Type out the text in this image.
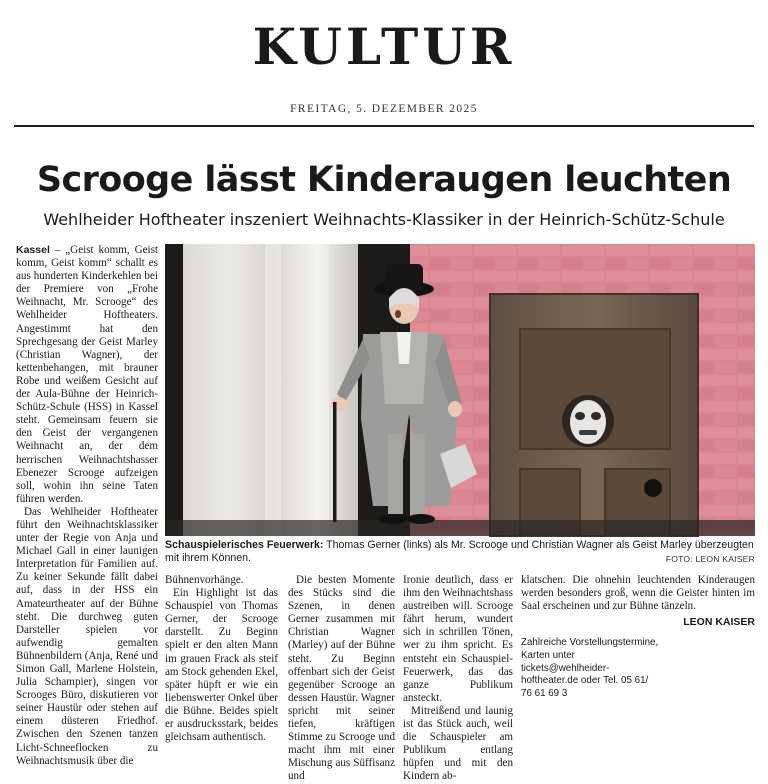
KULTUR
FREITAG, 5. DEZEMBER 2025
Scrooge lässt Kinderaugen leuchten
Wehlheider Hoftheater inszeniert Weihnachts-Klassiker in der Heinrich-Schütz-Schule

Kassel – „Geist komm, Geist komm, Geist komm“ schallt es aus hunderten Kinderkehlen bei der Premiere von „Frohe Weihnacht, Mr. Scrooge“ des Wehlheider Hoftheaters. Angestimmt hat den Sprechgesang der Geist Marley (Christian Wagner), der kettenbehangen, mit brauner Robe und weißem Gesicht auf der Aula-Bühne der Heinrich-Schütz-Schule (HSS) in Kassel steht. Gemeinsam feuern sie den Geist der vergangenen Weihnacht an, der dem herrischen Weihnachtshasser Ebenezer Scrooge aufzeigen soll, wohin ihn seine Taten führen werden.

Das Wehlheider Hoftheater führt den Weihnachtsklassiker unter der Regie von Anja und Michael Gall in einer launigen Interpretation für Familien auf. Zu keiner Sekunde fällt dabei auf, dass in der HSS ein Amateurtheater auf der Bühne steht. Die durchweg guten Darsteller spielen vor aufwendig gemalten Bühnenbildern (Anja, René und Simon Gall, Marlene Holstein, Julia Schampier), singen vor Scrooges Büro, diskutieren vor seiner Haustür oder stehen auf einem düsteren Friedhof. Zwischen den Szenen tanzen Licht-Schneeflocken zu Weihnachtsmusik über die

Schauspielerisches Feuerwerk: Thomas Gerner (links) als Mr. Scrooge und Christian Wagner als Geist Marley überzeugten mit ihrem Können.	FOTO: LEON KAISER

Bühnenvorhänge.

Ein Highlight ist das Schauspiel von Thomas Gerner, der Scrooge darstellt. Zu Beginn spielt er den alten Mann im grauen Frack als steif am Stock gehenden Ekel, später hüpft er wie ein liebenswerter Onkel über die Bühne. Beides spielt er ausdrucksstark, beides gleichsam authentisch.

Die besten Momente des Stücks sind die Szenen, in denen Gerner zusammen mit Christian Wagner (Marley) auf der Bühne steht. Zu Beginn offenbart sich der Geist gegenüber Scrooge an dessen Haustür. Wagner spricht mit seiner tiefen, kräftigen Stimme zu Scrooge und macht ihm mit einer Mischung aus Süffisanz und

Ironie deutlich, dass er ihm den Weihnachtshass austreiben will. Scrooge fährt herum, wundert sich in schrillen Tönen, wer zu ihm spricht. Es entsteht ein Schauspiel-Feuerwerk, das das ganze Publikum ansteckt.

Mitreißend und launig ist das Stück auch, weil die Schauspieler am Publikum entlang hüpfen und mit den Kindern ab-

klatschen. Die ohnehin leuchtenden Kinderaugen werden besonders groß, wenn die Geister hinten im Saal erscheinen und zur Bühne tänzeln.

LEON KAISER
Zahlreiche Vorstellungstermine, Karten unter tickets@wehlheider-hoftheater.de oder Tel. 05 61/ 76 61 69 3
